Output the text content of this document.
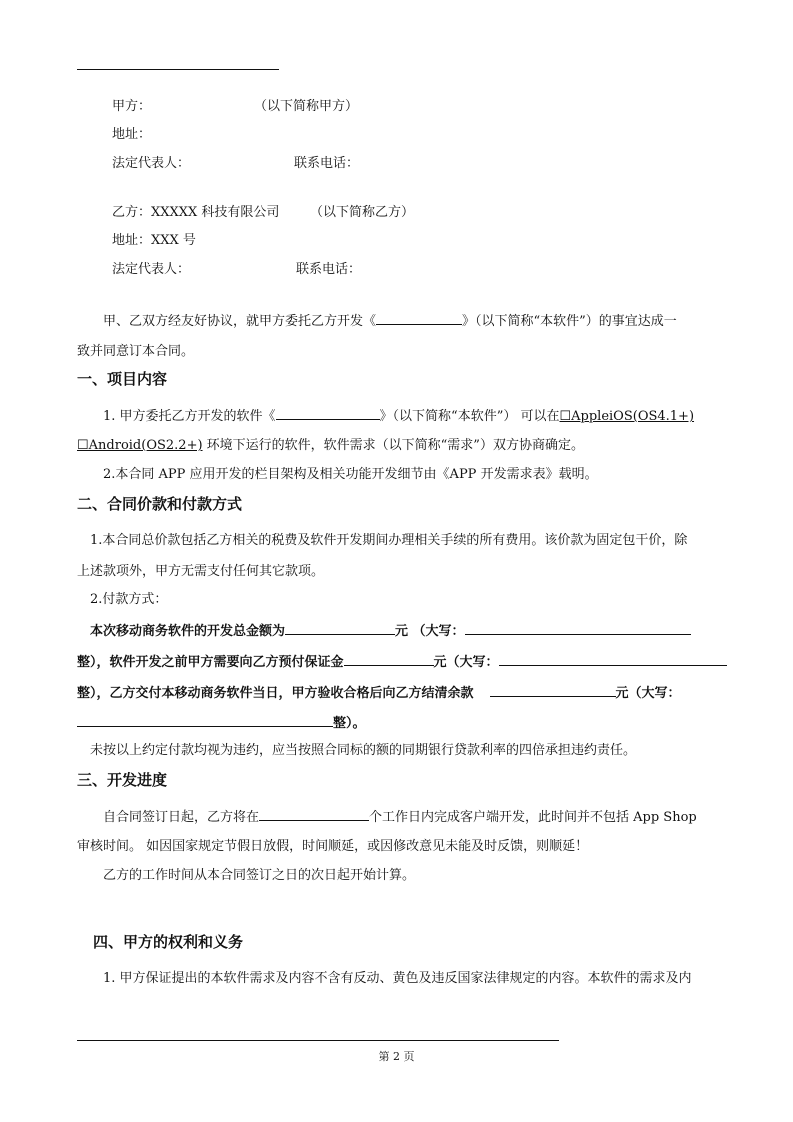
甲方：	（以下简称甲方）
地址：
法定代表人：	联系电话：
乙方：XXXXX 科技有限公司 （以下简称乙方）
地址：XXX 号
法定代表人：	联系电话：
甲、乙双方经友好协议，就甲方委托乙方开发《	》（以下简称“本软件”）的事宜达成一
致并同意订本合同。
一、项目内容
1. 甲方委托乙方开发的软件《	》（以下简称“本软件”） 可以在☐AppleiOS(OS4.1+)
☐Android(OS2.2+) 环境下运行的软件，软件需求（以下简称“需求”）双方协商确定。
2.本合同 APP 应用开发的栏目架构及相关功能开发细节由《APP 开发需求表》载明。
二、合同价款和付款方式
1.本合同总价款包括乙方相关的税费及软件开发期间办理相关手续的所有费用。该价款为固定包干价，除
上述款项外，甲方无需支付任何其它款项。
2.付款方式：
本次移动商务软件的开发总金额为	元 （大写：
整），软件开发之前甲方需要向乙方预付保证金	元（大写：
整），乙方交付本移动商务软件当日，甲方验收合格后向乙方结清余款	元（大写：
整）。
未按以上约定付款均视为违约，应当按照合同标的额的同期银行贷款利率的四倍承担违约责任。
三、开发进度
自合同签订日起，乙方将在	个工作日内完成客户端开发，此时间并不包括 App Shop
审核时间。 如因国家规定节假日放假，时间顺延，或因修改意见未能及时反馈，则顺延！
乙方的工作时间从本合同签订之日的次日起开始计算。
四、甲方的权利和义务
1. 甲方保证提出的本软件需求及内容不含有反动、黄色及违反国家法律规定的内容。本软件的需求及内
第 2 页
